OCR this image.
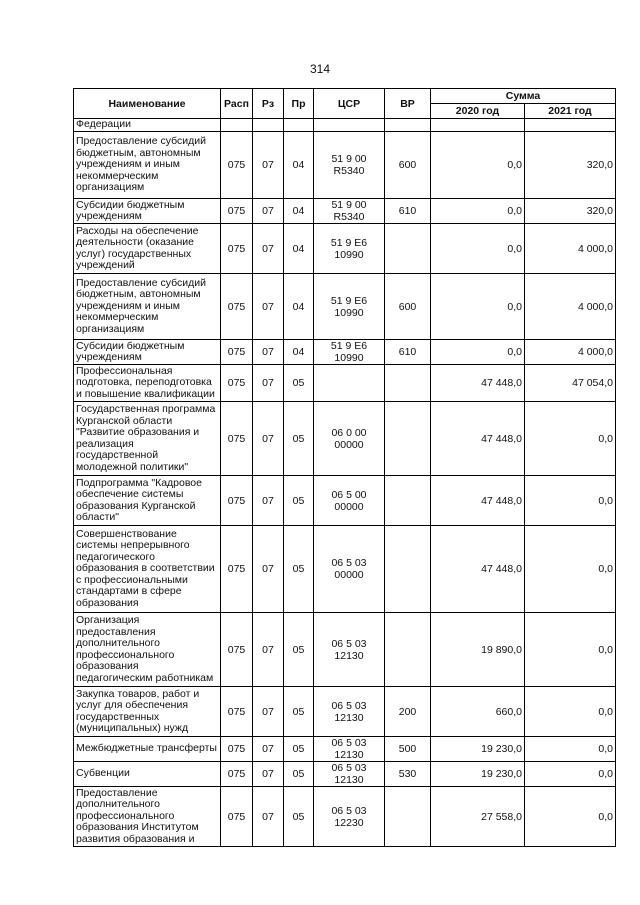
314
Наименование	Расп	Рз	Пр	ЦСР	ВР	Сумма	
						2020 год	2021 год
Федерации							
Предоставление субсидий бюджетным, автономным учреждениям и иным некоммерческим организациям	075	07	04	51 9 00 R5340	600	0,0	320,0
Субсидии бюджетным учреждениям	075	07	04	51 9 00 R5340	610	0,0	320,0
Расходы на обеспечение деятельности (оказание услуг) государственных учреждений	075	07	04	51 9 E6 10990		0,0	4 000,0
Предоставление субсидий бюджетным, автономным учреждениям и иным некоммерческим организациям	075	07	04	51 9 E6 10990	600	0,0	4 000,0
Субсидии бюджетным учреждениям	075	07	04	51 9 E6 10990	610	0,0	4 000,0
Профессиональная подготовка, переподготовка и повышение квалификации	075	07	05			47 448,0	47 054,0
Государственная программа Курганской области "Развитие образования и реализация государственной молодежной политики"	075	07	05	06 0 00 00000		47 448,0	0,0
Подпрограмма "Кадровое обеспечение системы образования Курганской области"	075	07	05	06 5 00 00000		47 448,0	0,0
Совершенствование системы непрерывного педагогического образования в соответствии с профессиональными стандартами в сфере образования	075	07	05	06 5 03 00000		47 448,0	0,0
Организация предоставления дополнительного профессионального образования педагогическим работникам	075	07	05	06 5 03 12130		19 890,0	0,0
Закупка товаров, работ и услуг для обеспечения государственных (муниципальных) нужд	075	07	05	06 5 03 12130	200	660,0	0,0
Межбюджетные трансферты	075	07	05	06 5 03 12130	500	19 230,0	0,0
Субвенции	075	07	05	06 5 03 12130	530	19 230,0	0,0
Предоставление дополнительного профессионального образования Институтом развития образования и	075	07	05	06 5 03 12230		27 558,0	0,0
